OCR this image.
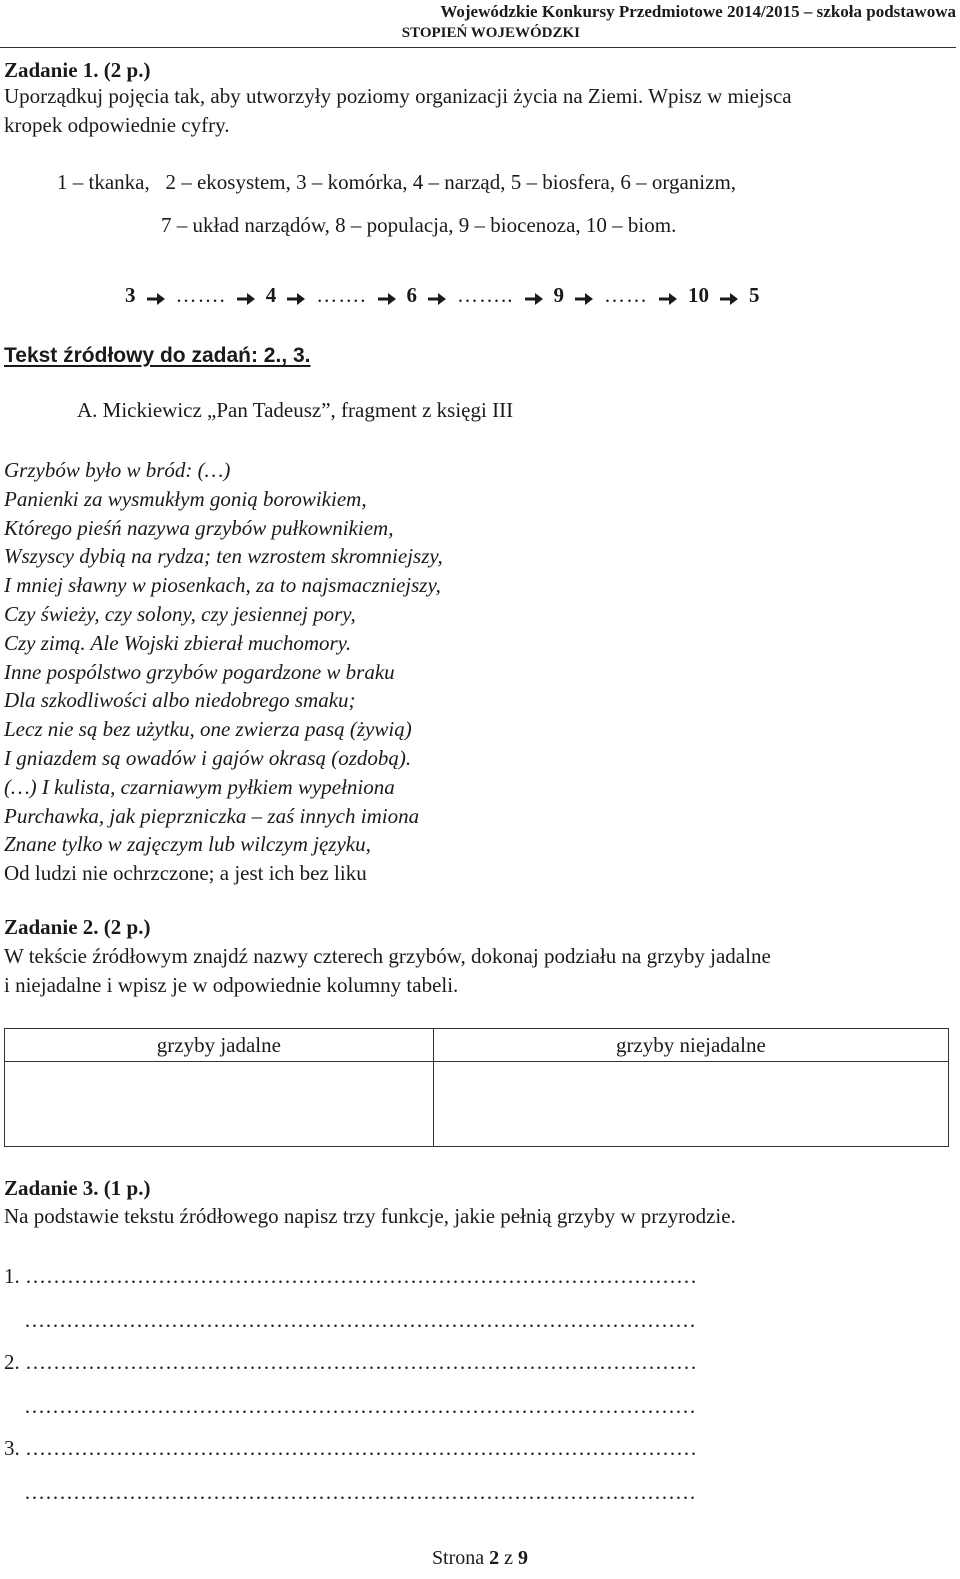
Wojewódzkie Konkursy Przedmiotowe 2014/2015 – szkoła podstawowa
STOPIEŃ WOJEWÓDZKI
Zadanie 1. (2 p.)
Uporządkuj pojęcia tak, aby utworzyły poziomy organizacji życia na Ziemi. Wpisz w miejsca
kropek odpowiednie cyfry.
1 – tkanka,   2 – ekosystem, 3 – komórka, 4 – narząd, 5 – biosfera, 6 – organizm,
7 – układ narządów, 8 – populacja, 9 – biocenoza, 10 – biom.
3 ……. 4 ……. 6 …….. 9 …… 10 5
Tekst źródłowy do zadań: 2., 3.
A. Mickiewicz „Pan Tadeusz”, fragment z księgi III
Grzybów było w bród: (…)
Panienki za wysmukłym gonią borowikiem,
Którego pieśń nazywa grzybów pułkownikiem,
Wszyscy dybią na rydza; ten wzrostem skromniejszy,
I mniej sławny w piosenkach, za to najsmaczniejszy,
Czy świeży, czy solony, czy jesiennej pory,
Czy zimą. Ale Wojski zbierał muchomory.
Inne pospólstwo grzybów pogardzone w braku
Dla szkodliwości albo niedobrego smaku;
Lecz nie są bez użytku, one zwierza pasą (żywią)
I gniazdem są owadów i gajów okrasą (ozdobą).
(…) I kulista, czarniawym pyłkiem wypełniona
Purchawka, jak pieprzniczka – zaś innych imiona
Znane tylko w zajęczym lub wilczym języku,
Od ludzi nie ochrzczone; a jest ich bez liku
Zadanie 2. (2 p.)
W tekście źródłowym znajdź nazwy czterech grzybów, dokonaj podziału na grzyby jadalne
i niejadalne i wpisz je w odpowiednie kolumny tabeli.
grzyby jadalne	grzyby niejadalne

Zadanie 3. (1 p.)
Na podstawie tekstu źródłowego napisz trzy funkcje, jakie pełnią grzyby w przyrodzie.
1. ……………………………………………………………………………………
……………………………………………………………………………………
2. ……………………………………………………………………………………
……………………………………………………………………………………
3. ……………………………………………………………………………………
……………………………………………………………………………………
Strona 2 z 9
